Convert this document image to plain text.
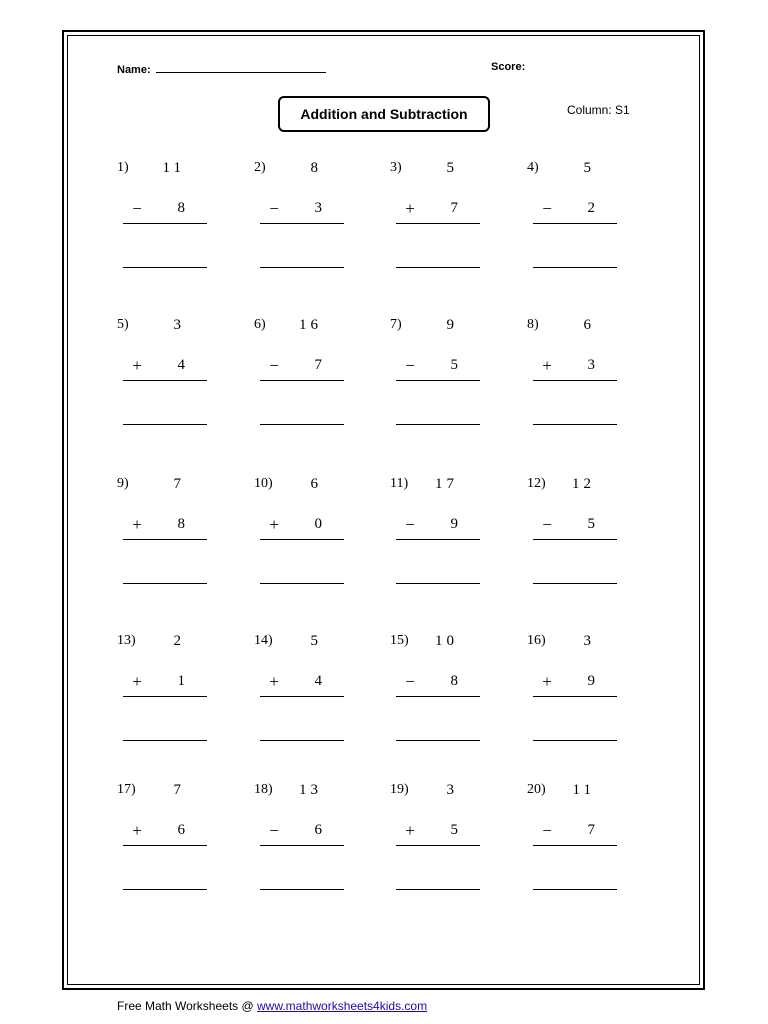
Name:	Score:
Addition and Subtraction	Column: S1
1)	11
−	8
2)	8
−	3
3)	5
+	7
4)	5
−	2
5)	3
+	4
6)	16
−	7
7)	9
−	5
8)	6
+	3
9)	7
+	8
10)	6
+	0
11)	17
−	9
12)	12
−	5
13)	2
+	1
14)	5
+	4
15)	10
−	8
16)	3
+	9
17)	7
+	6
18)	13
−	6
19)	3
+	5
20)	11
−	7
Free Math Worksheets @ www.mathworksheets4kids.com
